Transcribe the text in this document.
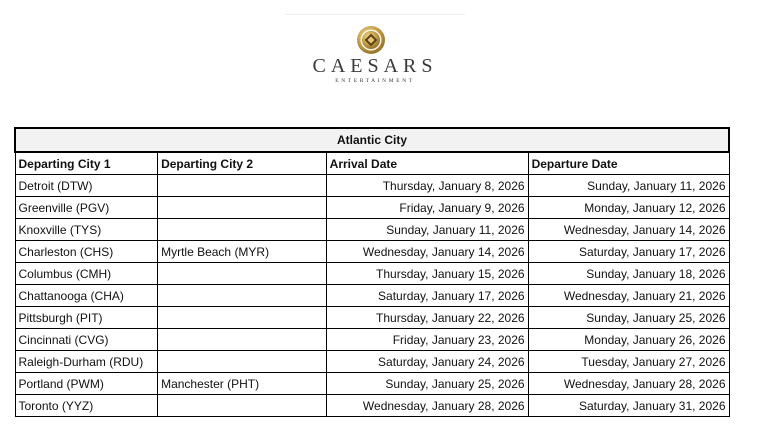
CAESARS
ENTERTAINMENT
Atlantic City			
Departing City 1	Departing City 2	Arrival Date	Departure Date
Detroit (DTW)		Thursday, January 8, 2026	Sunday, January 11, 2026
Greenville (PGV)		Friday, January 9, 2026	Monday, January 12, 2026
Knoxville (TYS)		Sunday, January 11, 2026	Wednesday, January 14, 2026
Charleston (CHS)	Myrtle Beach (MYR)	Wednesday, January 14, 2026	Saturday, January 17, 2026
Columbus (CMH)		Thursday, January 15, 2026	Sunday, January 18, 2026
Chattanooga (CHA)		Saturday, January 17, 2026	Wednesday, January 21, 2026
Pittsburgh (PIT)		Thursday, January 22, 2026	Sunday, January 25, 2026
Cincinnati (CVG)		Friday, January 23, 2026	Monday, January 26, 2026
Raleigh-Durham (RDU)		Saturday, January 24, 2026	Tuesday, January 27, 2026
Portland (PWM)	Manchester (PHT)	Sunday, January 25, 2026	Wednesday, January 28, 2026
Toronto (YYZ)		Wednesday, January 28, 2026	Saturday, January 31, 2026
